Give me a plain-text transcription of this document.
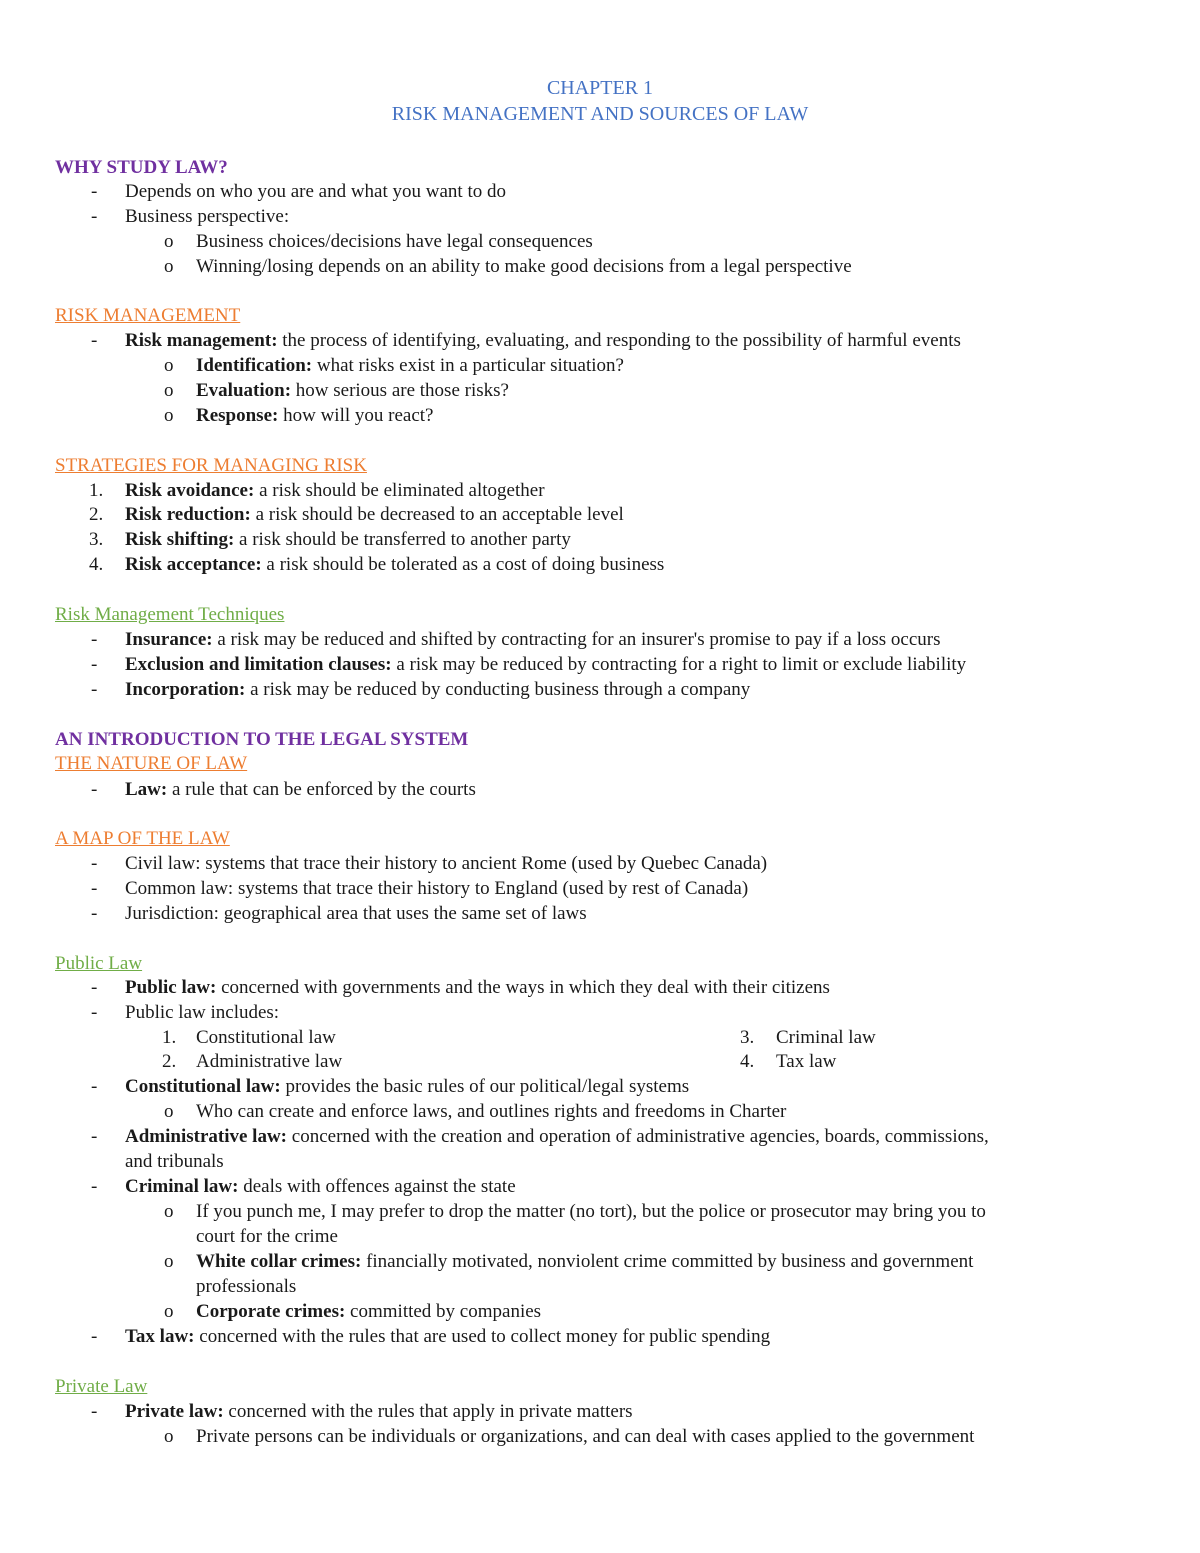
CHAPTER 1
RISK MANAGEMENT AND SOURCES OF LAW
WHY STUDY LAW?
- Depends on who you are and what you want to do
- Business perspective:
o Business choices/decisions have legal consequences
o Winning/losing depends on an ability to make good decisions from a legal perspective
RISK MANAGEMENT
- Risk management: the process of identifying, evaluating, and responding to the possibility of harmful events
o Identification: what risks exist in a particular situation?
o Evaluation: how serious are those risks?
o Response: how will you react?
STRATEGIES FOR MANAGING RISK
1. Risk avoidance: a risk should be eliminated altogether
2. Risk reduction: a risk should be decreased to an acceptable level
3. Risk shifting: a risk should be transferred to another party
4. Risk acceptance: a risk should be tolerated as a cost of doing business
Risk Management Techniques
- Insurance: a risk may be reduced and shifted by contracting for an insurer's promise to pay if a loss occurs
- Exclusion and limitation clauses: a risk may be reduced by contracting for a right to limit or exclude liability
- Incorporation: a risk may be reduced by conducting business through a company
AN INTRODUCTION TO THE LEGAL SYSTEM
THE NATURE OF LAW
- Law: a rule that can be enforced by the courts
A MAP OF THE LAW
- Civil law: systems that trace their history to ancient Rome (used by Quebec Canada)
- Common law: systems that trace their history to England (used by rest of Canada)
- Jurisdiction: geographical area that uses the same set of laws
Public Law
- Public law: concerned with governments and the ways in which they deal with their citizens
- Public law includes:
1. Constitutional law	3. Criminal law
2. Administrative law	4. Tax law
- Constitutional law: provides the basic rules of our political/legal systems
o Who can create and enforce laws, and outlines rights and freedoms in Charter
- Administrative law: concerned with the creation and operation of administrative agencies, boards, commissions,
and tribunals
- Criminal law: deals with offences against the state
o If you punch me, I may prefer to drop the matter (no tort), but the police or prosecutor may bring you to
court for the crime
o White collar crimes: financially motivated, nonviolent crime committed by business and government
professionals
o Corporate crimes: committed by companies
- Tax law: concerned with the rules that are used to collect money for public spending
Private Law
- Private law: concerned with the rules that apply in private matters
o Private persons can be individuals or organizations, and can deal with cases applied to the government
